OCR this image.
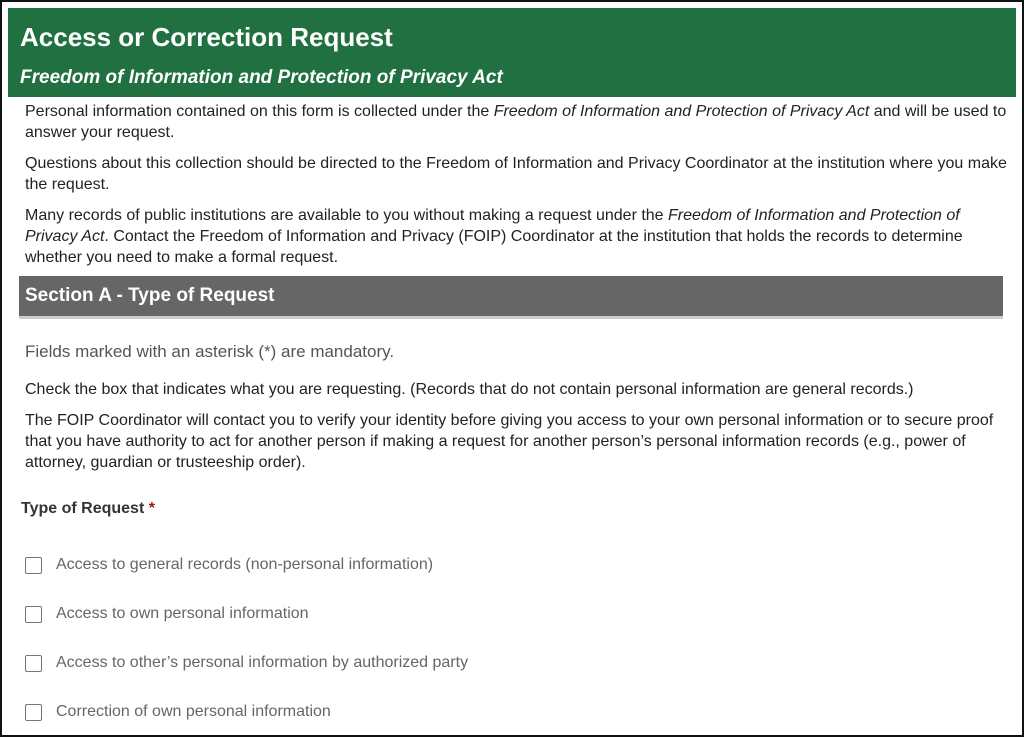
Access or Correction Request
Freedom of Information and Protection of Privacy Act

Personal information contained on this form is collected under the Freedom of Information and Protection of Privacy Act and will be used to answer your request.

Questions about this collection should be directed to the Freedom of Information and Privacy Coordinator at the institution where you make the request.

Many records of public institutions are available to you without making a request under the Freedom of Information and Protection of Privacy Act. Contact the Freedom of Information and Privacy (FOIP) Coordinator at the institution that holds the records to determine whether you need to make a formal request.

Section A - Type of Request
Fields marked with an asterisk (*) are mandatory.

Check the box that indicates what you are requesting. (Records that do not contain personal information are general records.)

The FOIP Coordinator will contact you to verify your identity before giving you access to your own personal information or to secure proof that you have authority to act for another person if making a request for another person’s personal information records (e.g., power of attorney, guardian or trusteeship order).

Type of Request *
Access to general records (non-personal information)
Access to own personal information
Access to other’s personal information by authorized party
Correction of own personal information
